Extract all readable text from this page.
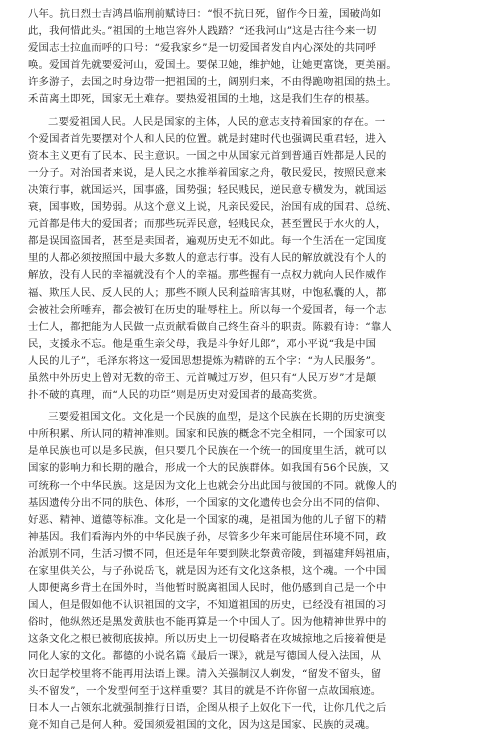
八年。抗日烈士吉鸿昌临刑前赋诗曰：“恨不抗日死，留作今日羞，国破尚如
此，我何惜此头。”祖国的土地岂容外人践踏？“还我河山”这是古往今来一切
爱国志士拉血而呼的口号：“爱我家乡”是一切爱国者发自内心深处的共同呼
唤。爱国首先就要爱河山，爱国土。要保卫她，维护她，让她更富饶，更美丽。
许多游子，去国之时身边带一把祖国的土，阔别归来，不由得跪吻祖国的热土。
禾苗离土即死，国家无土难存。要热爱祖国的土地，这是我们生存的根基。
二要爱祖国人民。人民是国家的主体，人民的意志支持着国家的存在。一
个爱国者首先要摆对个人和人民的位置。就是封建时代也强调民重君轻，进入
资本主义更有了民本、民主意识。一国之中从国家元首到普通百姓都是人民的
一分子。对治国者来说，是人民之水推举着国家之舟，敬民爱民，按照民意来
决策行事，就国运兴，国事盛，国势强；轻民贱民，逆民意专横发为，就国运
衰，国事败，国势弱。从这个意义上说，凡亲民爱民，治国有成的国君、总统、
元首都是伟大的爱国者；而那些玩弄民意，轻贱民众，甚至置民于水火的人，
都是误国盗国者，甚至是卖国者，遍观历史无不如此。每一个生活在一定国度
里的人都必须按照国中最大多数人的意志行事。没有人民的解放就没有个人的
解放，没有人民的幸福就没有个人的幸福。那些握有一点权力就向人民作威作
福、欺压人民、反人民的人；那些不顾人民利益暗害其财，中饱私囊的人，都
会被社会所唾弃，都会被钉在历史的耻辱柱上。所以每一个爱国者，每一个志
士仁人，都把能为人民做一点贡献看做自己终生奋斗的职责。陈毅有诗：“靠人
民，支援永不忘。他是重生亲父母，我是斗争好儿郎”，邓小平说“我是中国
人民的儿子”，毛泽东将这一爱国思想提炼为精辟的五个字：“为人民服务”。
虽然中外历史上曾对无数的帝王、元首喊过万岁，但只有“人民万岁”才是颠
扑不破的真理，而“人民的功臣”则是历史对爱国者的最高奖赏。
三要爱祖国文化。文化是一个民族的血型，是这个民族在长期的历史演变
中所积累、所认同的精神准则。国家和民族的概念不完全相同，一个国家可以
是单民族也可以是多民族，但只要几个民族在一个统一的国度里生活，就可以
国家的影响力和长期的融合，形成一个大的民族群体。如我国有56个民族，又
可统称一个中华民族。这是因为文化上也就会分出此国与彼国的不同。就像人的
基因遗传分出不同的肤色、体形，一个国家的文化遗传也会分出不同的信仰、
好恶、精神、道德等标准。文化是一个国家的魂，是祖国为他的儿子留下的精
神基因。我们看海内外的中华民族子孙，尽管多少年来可能居住环境不同，政
治派别不同，生活习惯不同，但还是年年要到陕北祭黄帝陵，到福建拜妈祖庙，
在家里供关公，与子孙说岳飞，就是因为还有文化这条根，这个魂。一个中国
人即便离乡背土在国外时，当他暂时脱离祖国人民时，他仍感到自己是一个中
国人，但是假如他不认识祖国的文字，不知道祖国的历史，已经没有祖国的习
俗时，他纵然还是黑发黄肤也不能再算是一个中国人了。因为他精神世界中的
这条文化之根已被彻底拔掉。所以历史上一切侵略者在攻城掠地之后接着便是
同化人家的文化。都德的小说名篇《最后一课》，就是写德国人侵入法国，从
次日起学校里将不能再用法语上课。清入关强制汉人剃发，“留发不留头，留
头不留发”，一个发型何至于这样重要？其目的就是不许你留一点故国痕迹。
日本人一占领东北就强制推行日语，企图从根子上奴化下一代，让你几代之后
竟不知自己是何人种。爱国须爱祖国的文化，因为这是国家、民族的灵魂。
